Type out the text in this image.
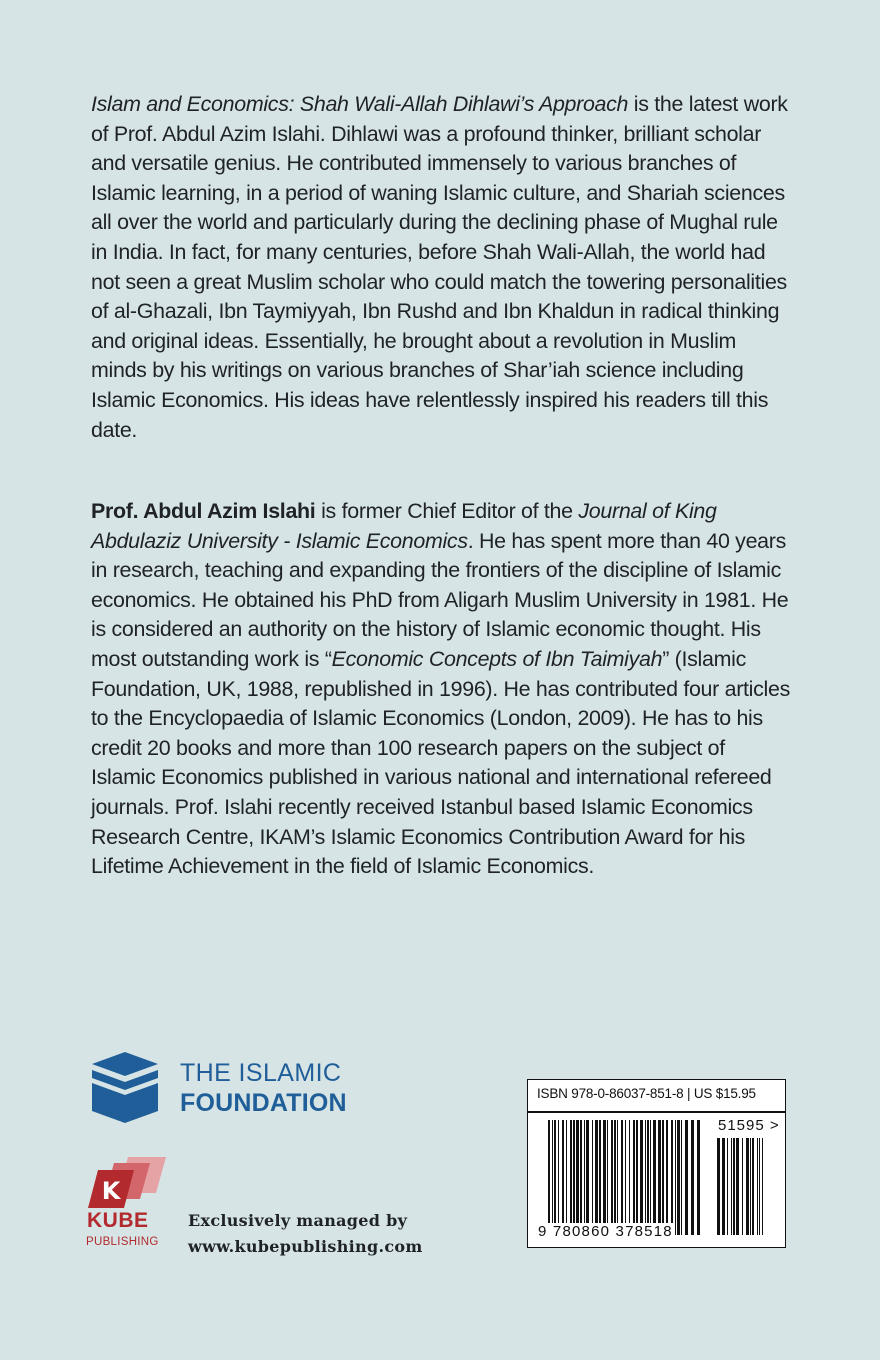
Islam and Economics: Shah Wali-Allah Dihlawi’s Approach is the latest work of Prof. Abdul Azim Islahi. Dihlawi was a profound thinker, brilliant scholar and versatile genius. He contributed immensely to various branches of Islamic learning, in a period of waning Islamic culture, and Shariah sciences all over the world and particularly during the declining phase of Mughal rule in India. In fact, for many centuries, before Shah Wali-Allah, the world had not seen a great Muslim scholar who could match the towering personalities of al-Ghazali, Ibn Taymiyyah, Ibn Rushd and Ibn Khaldun in radical thinking and original ideas. Essentially, he brought about a revolution in Muslim minds by his writings on various branches of Shar’iah science including Islamic Economics. His ideas have relentlessly inspired his readers till this date.

Prof. Abdul Azim Islahi is former Chief Editor of the Journal of King Abdulaziz University - Islamic Economics. He has spent more than 40 years in research, teaching and expanding the frontiers of the discipline of Islamic economics. He obtained his PhD from Aligarh Muslim University in 1981. He is considered an authority on the history of Islamic economic thought. His most outstanding work is “Economic Concepts of Ibn Taimiyah” (Islamic Foundation, UK, 1988, republished in 1996). He has contributed four articles to the Encyclopaedia of Islamic Economics (London, 2009). He has to his credit 20 books and more than 100 research papers on the subject of Islamic Economics published in various national and international refereed journals. Prof. Islahi recently received Istanbul based Islamic Economics Research Centre, IKAM’s Islamic Economics Contribution Award for his Lifetime Achievement in the field of Islamic Economics.

THE ISLAMIC
FOUNDATION
K
KUBE
PUBLISHING
Exclusively managed by
www.kubepublishing.com
ISBN 978-0-86037-851-8 | US $15.95
51595 >
9 780860 378518
